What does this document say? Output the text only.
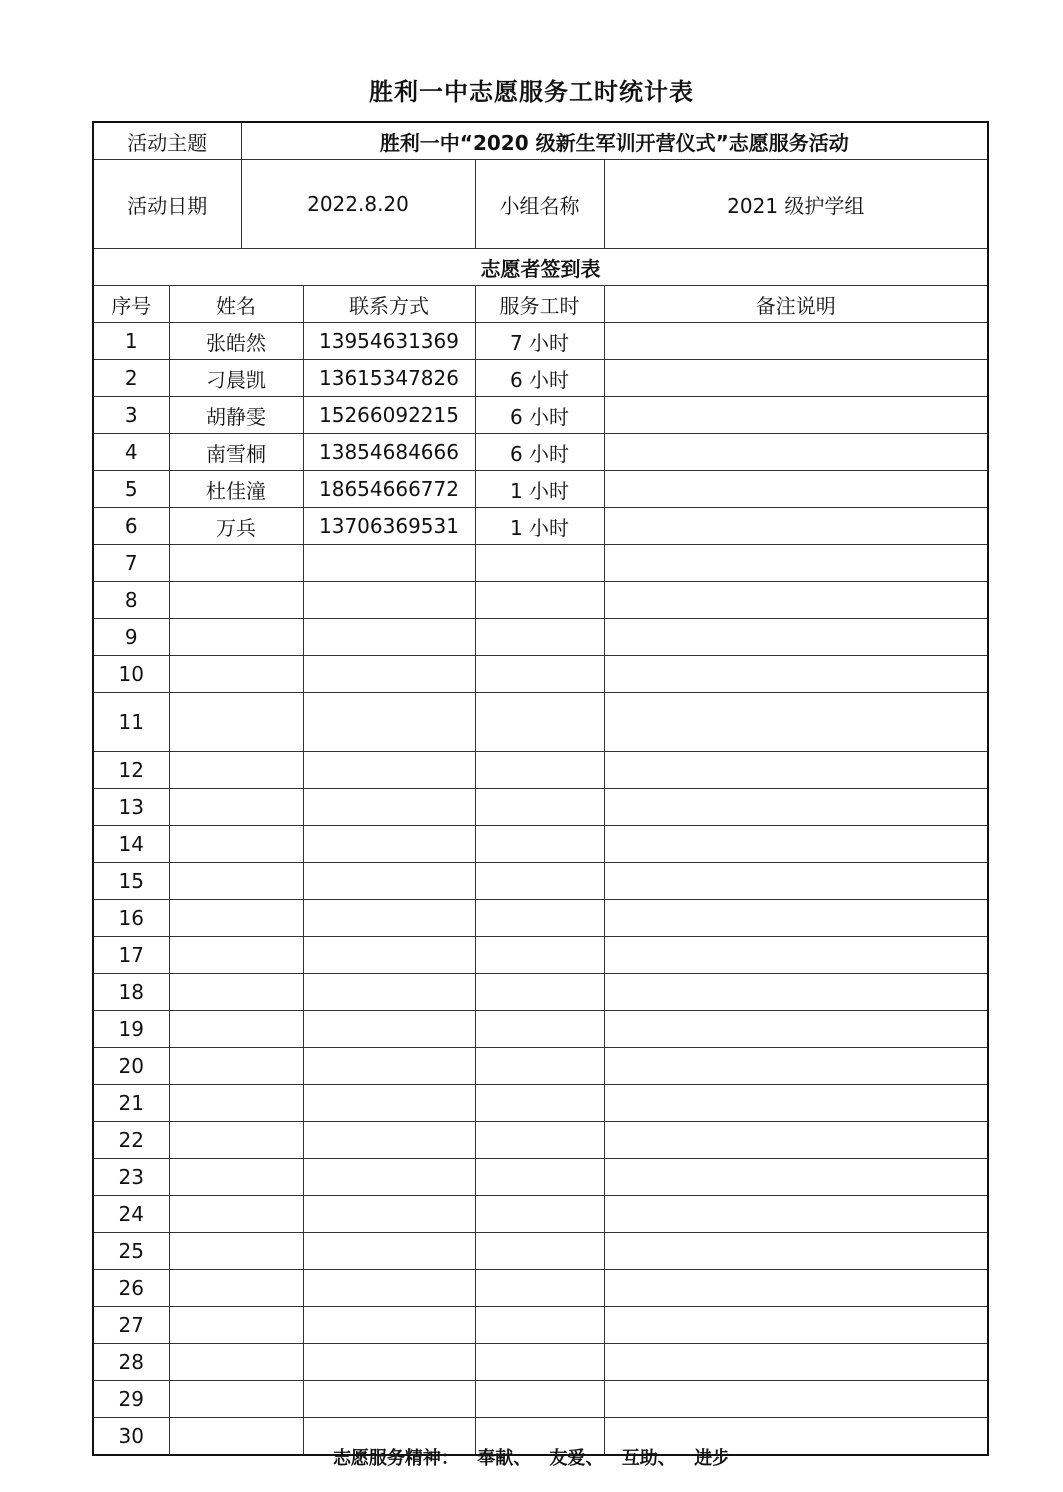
胜利一中志愿服务工时统计表
活动主题		胜利一中“2020 级新生军训开营仪式”志愿服务活动			
活动日期		2022.8.20		小组名称	2021 级护学组
志愿者签到表					
序号	姓名		联系方式	服务工时	备注说明
1	张皓然		13954631369	7 小时	
2	刁晨凯		13615347826	6 小时	
3	胡静雯		15266092215	6 小时	
4	南雪桐		13854684666	6 小时	
5	杜佳潼		18654666772	1 小时	
6	万兵		13706369531	1 小时	
7					
8					
9					
10					
11					
12					
13					
14					
15					
16					
17					
18					
19					
20					
21					
22					
23					
24					
25					
26					
27					
28					
29					
30					
志愿服务精神： 奉献、 友爱、 互助、 进步
